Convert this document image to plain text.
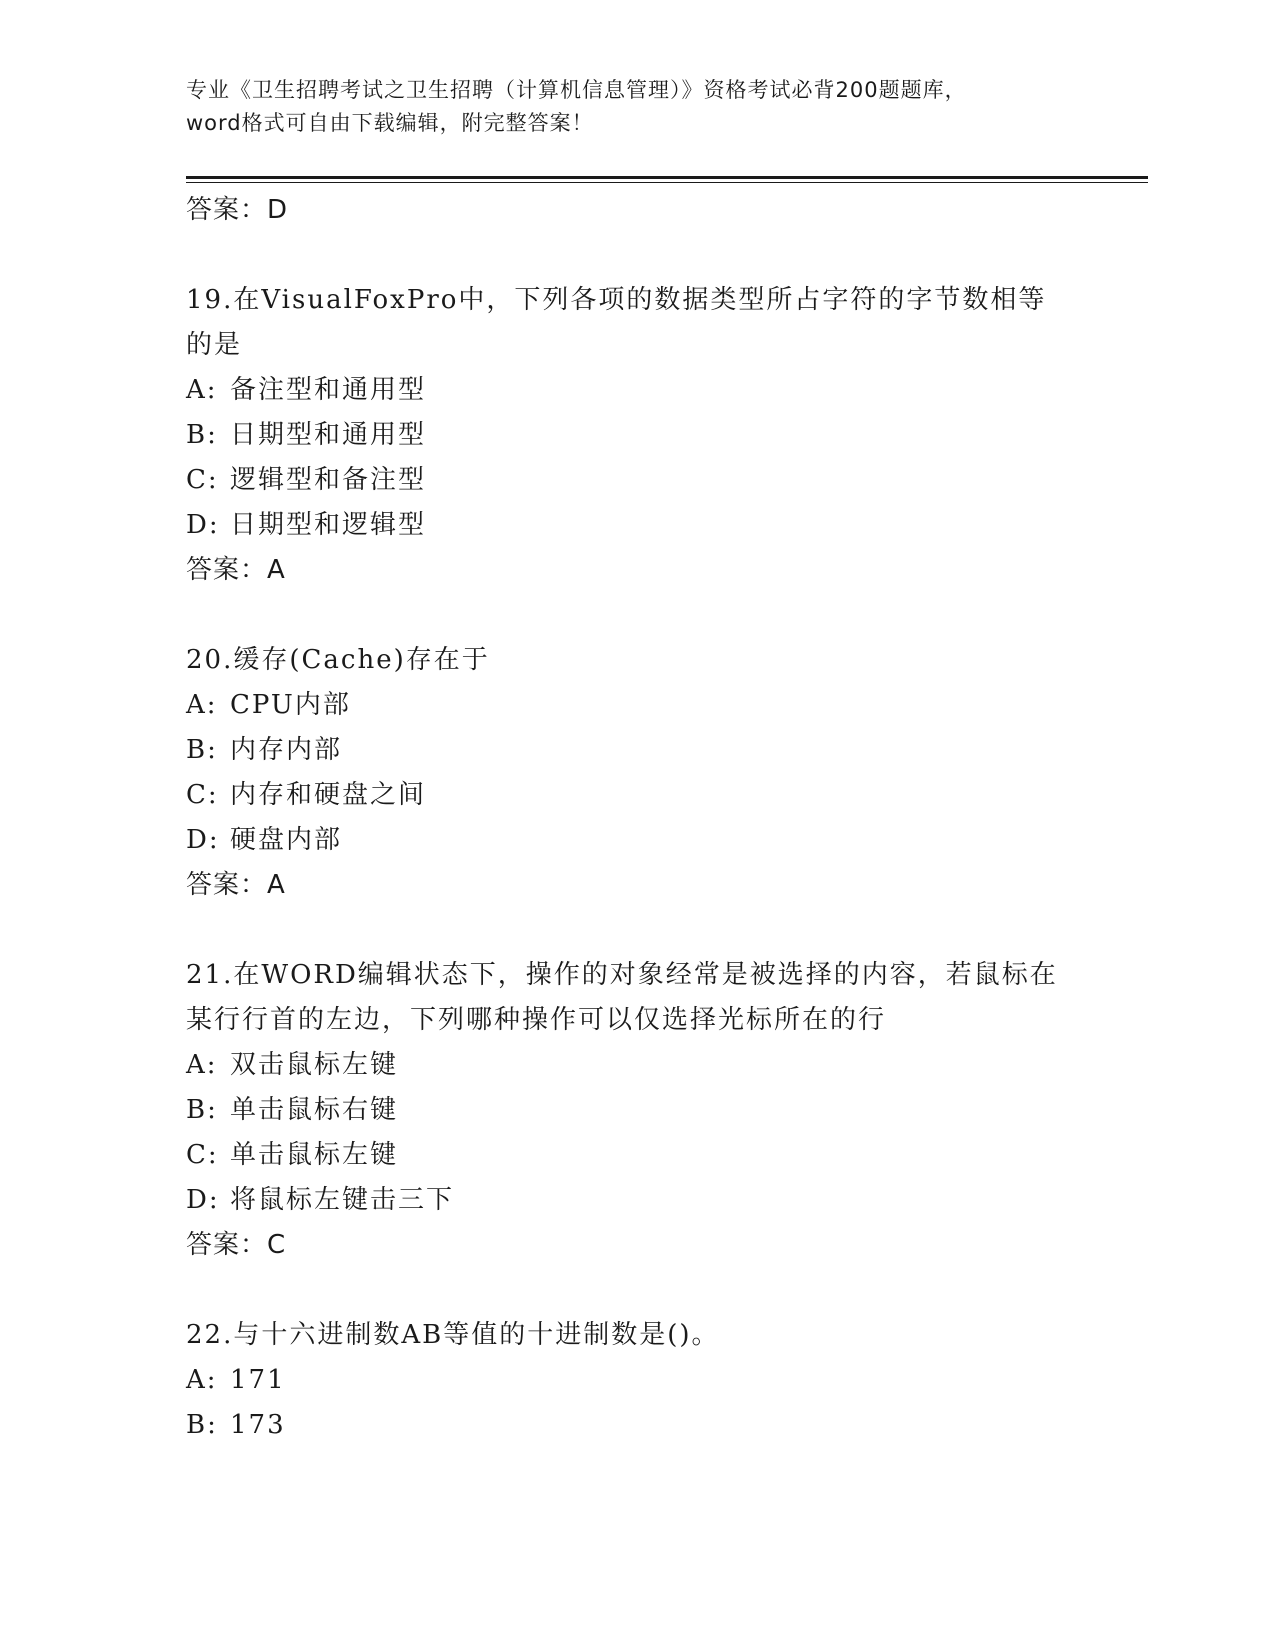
专业《卫生招聘考试之卫生招聘（计算机信息管理）》资格考试必背200题题库，
word格式可自由下载编辑，附完整答案！
答案：D
19.在VisualFoxPro中，下列各项的数据类型所占字符的字节数相等
的是
A: 备注型和通用型
B: 日期型和通用型
C: 逻辑型和备注型
D: 日期型和逻辑型
答案：A
20.缓存(Cache)存在于
A: CPU内部
B: 内存内部
C: 内存和硬盘之间
D: 硬盘内部
答案：A
21.在WORD编辑状态下，操作的对象经常是被选择的内容，若鼠标在
某行行首的左边，下列哪种操作可以仅选择光标所在的行
A: 双击鼠标左键
B: 单击鼠标右键
C: 单击鼠标左键
D: 将鼠标左键击三下
答案：C
22.与十六进制数AB等值的十进制数是()。
A: 171
B: 173
